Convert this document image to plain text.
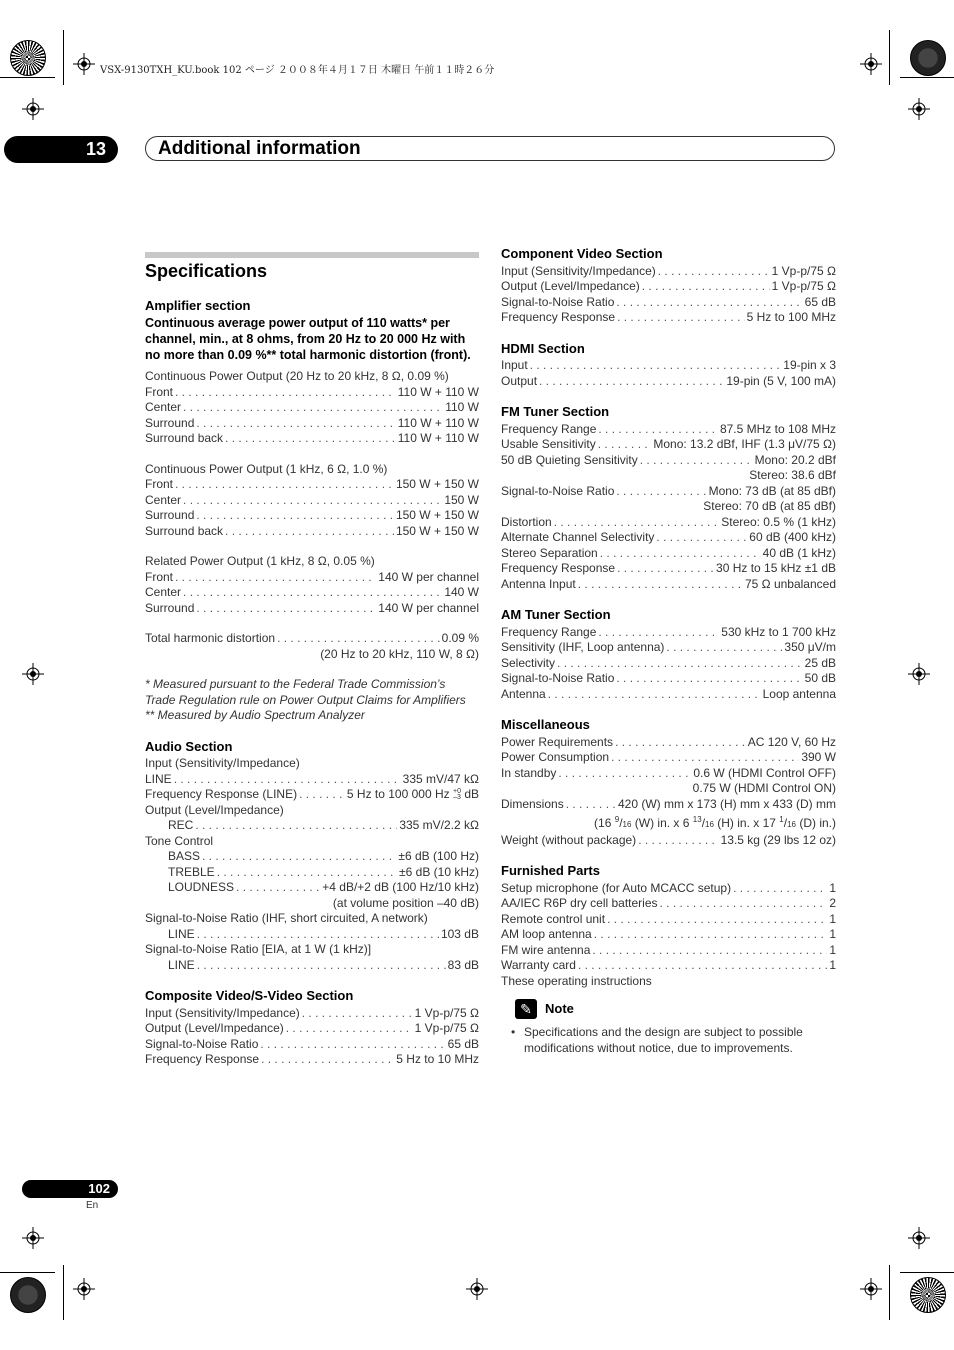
VSX-9130TXH_KU.book 102 ページ ２００８年４月１７日 木曜日 午前１１時２６分
13	Additional information
Specifications
Amplifier section
Continuous average power output of 110 watts* per channel, min., at 8 ohms, from 20 Hz to 20 000 Hz with no more than 0.09 %** total harmonic distortion (front).
Continuous Power Output (20 Hz to 20 kHz, 8 Ω, 0.09 %)
Front . . .	110 W + 110 W
Center . . .	110 W
Surround . . .	110 W + 110 W
Surround back . . .	110 W + 110 W
Continuous Power Output (1 kHz, 6 Ω, 1.0 %)
Front . . .	150 W + 150 W
Center . . .	150 W
Surround . . .	150 W + 150 W
Surround back . . .	150 W + 150 W
Related Power Output (1 kHz, 8 Ω, 0.05 %)
Front . . .	140 W per channel
Center . . .	140 W
Surround . . .	140 W per channel
Total harmonic distortion . . .	0.09 %
(20 Hz to 20 kHz, 110 W, 8 Ω)
* Measured pursuant to the Federal Trade Commission’s
Trade Regulation rule on Power Output Claims for Amplifiers
** Measured by Audio Spectrum Analyzer
Audio Section
Input (Sensitivity/Impedance)
LINE . . .	335 mV/47 kΩ
Frequency Response (LINE) . . .	5 Hz to 100 000 Hz +0
–3 dB
Output (Level/Impedance)
REC . . .	335 mV/2.2 kΩ
Tone Control
BASS . . .	±6 dB (100 Hz)
TREBLE . . .	±6 dB (10 kHz)
LOUDNESS . . .	+4 dB/+2 dB (100 Hz/10 kHz)
(at volume position –40 dB)
Signal-to-Noise Ratio (IHF, short circuited, A network)
LINE . . .	103 dB
Signal-to-Noise Ratio [EIA, at 1 W (1 kHz)]
LINE . . .	83 dB
Composite Video/S-Video Section
Input (Sensitivity/Impedance) . . .	1 Vp-p/75 Ω
Output (Level/Impedance) . . .	1 Vp-p/75 Ω
Signal-to-Noise Ratio . . .	65 dB
Frequency Response . . .	5 Hz to 10 MHz
Component Video Section
Input (Sensitivity/Impedance) . . .	1 Vp-p/75 Ω
Output (Level/Impedance) . . .	1 Vp-p/75 Ω
Signal-to-Noise Ratio . . .	65 dB
Frequency Response . . .	5 Hz to 100 MHz
HDMI Section
Input . . .	19-pin x 3
Output . . .	19-pin (5 V, 100 mA)
FM Tuner Section
Frequency Range . . .	87.5 MHz to 108 MHz
Usable Sensitivity . . .	Mono: 13.2 dBf, IHF (1.3 μV/75 Ω)
50 dB Quieting Sensitivity . . .	Mono: 20.2 dBf
Stereo: 38.6 dBf
Signal-to-Noise Ratio . . .	Mono: 73 dB (at 85 dBf)
Stereo: 70 dB (at 85 dBf)
Distortion . . .	Stereo: 0.5 % (1 kHz)
Alternate Channel Selectivity . . .	60 dB (400 kHz)
Stereo Separation . . .	40 dB (1 kHz)
Frequency Response . . .	30 Hz to 15 kHz ±1 dB
Antenna Input . . .	75 Ω unbalanced
AM Tuner Section
Frequency Range . . .	530 kHz to 1 700 kHz
Sensitivity (IHF, Loop antenna) . . .	350 μV/m
Selectivity . . .	25 dB
Signal-to-Noise Ratio . . .	50 dB
Antenna . . .	Loop antenna
Miscellaneous
Power Requirements . . .	AC 120 V, 60 Hz
Power Consumption . . .	390 W
In standby . . .	0.6 W (HDMI Control OFF)
0.75 W (HDMI Control ON)
Dimensions . . .	420 (W) mm x 173 (H) mm x 433 (D) mm
(16 $^9$/16 (W) in. x 6 $^{13}$/16 (H) in. x 17 $^1$/16 (D) in.)
Weight (without package) . . .	13.5 kg (29 lbs 12 oz)
Furnished Parts
Setup microphone (for Auto MCACC setup) . . .	1
AA/IEC R6P dry cell batteries . . .	2
Remote control unit . . .	1
AM loop antenna . . .	1
FM wire antenna . . .	1
Warranty card . . .	1
These operating instructions
✎	Note
• Specifications and the design are subject to possible modifications without notice, due to improvements.
102
En
